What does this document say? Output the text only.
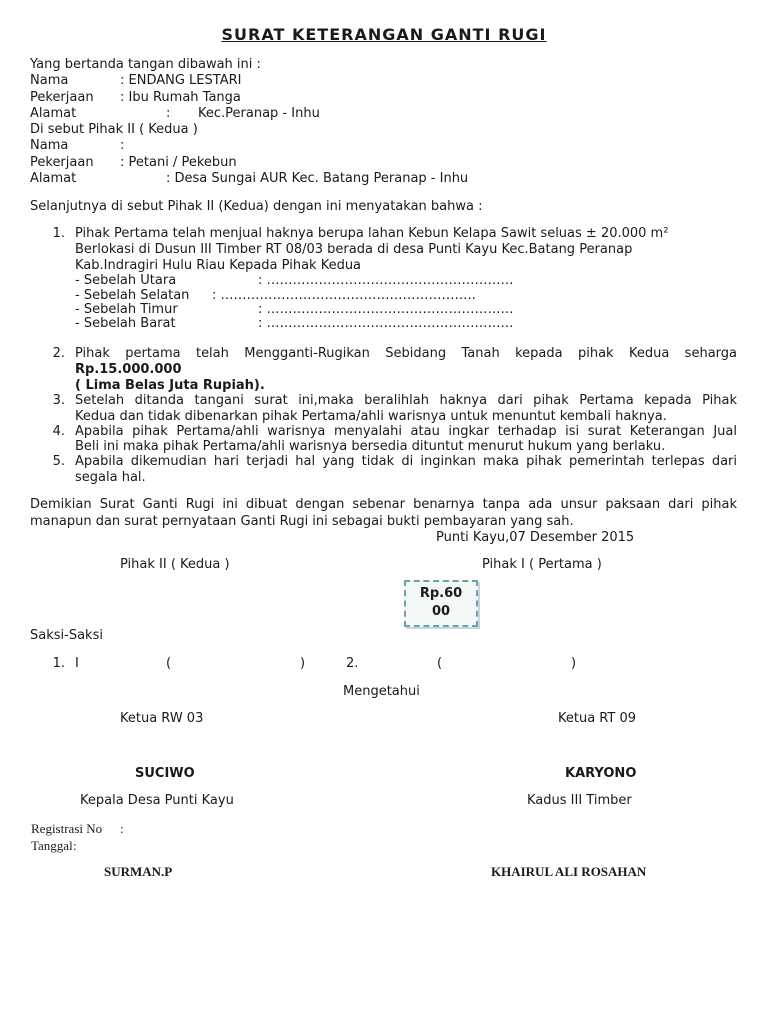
SURAT KETERANGAN GANTI RUGI
Yang bertanda tangan dibawah ini :
Nama	: ENDANG LESTARI
Pekerjaan : Ibu Rumah Tanga
Alamat	: Kec.Peranap - Inhu
Di sebut Pihak II ( Kedua )
Nama	:
Pekerjaan : Petani / Pekebun
Alamat	: Desa Sungai AUR Kec. Batang Peranap - Inhu
Selanjutnya di sebut Pihak II (Kedua) dengan ini menyatakan bahwa :
1. Pihak Pertama telah menjual haknya berupa lahan Kebun Kelapa Sawit seluas ± 20.000 m²
Berlokasi di Dusun III Timber RT 08/03 berada di desa Punti Kayu Kec.Batang Peranap
Kab.Indragiri Hulu Riau Kepada Pihak Kedua
- Sebelah Utara	: …………………………………………………
- Sebelah Selatan : …………………………………………………..
- Sebelah Timur	: …………………………………………………
- Sebelah Barat	: …………………………………………………
2. Pihak pertama telah Mengganti-Rugikan Sebidang Tanah kepada pihak Kedua seharga
Rp.15.000.000
( Lima Belas Juta Rupiah).
3. Setelah ditanda tangani surat ini,maka beralihlah haknya dari pihak Pertama kepada Pihak
Kedua dan tidak dibenarkan pihak Pertama/ahli warisnya untuk menuntut kembali haknya.
4. Apabila pihak Pertama/ahli warisnya menyalahi atau ingkar terhadap isi surat Keterangan Jual
Beli ini maka pihak Pertama/ahli warisnya bersedia dituntut menurut hukum yang berlaku.
5. Apabila dikemudian hari terjadi hal yang tidak di inginkan maka pihak pemerintah terlepas dari
segala hal.
Demikian Surat Ganti Rugi ini dibuat dengan sebenar benarnya tanpa ada unsur paksaan dari pihak
manapun dan surat pernyataan Ganti Rugi ini sebagai bukti pembayaran yang sah.
Punti Kayu,07 Desember 2015
Pihak II ( Kedua )	Pihak I ( Pertama )
Rp.60
00
Saksi-Saksi
1. I	(	)	2.	(	)
Mengetahui
Ketua RW 03	Ketua RT 09
SUCIWO	KARYONO
Kepala Desa Punti Kayu	Kadus III Timber
Registrasi No :
Tanggal :
SURMAN.P	KHAIRUL ALI ROSAHAN
